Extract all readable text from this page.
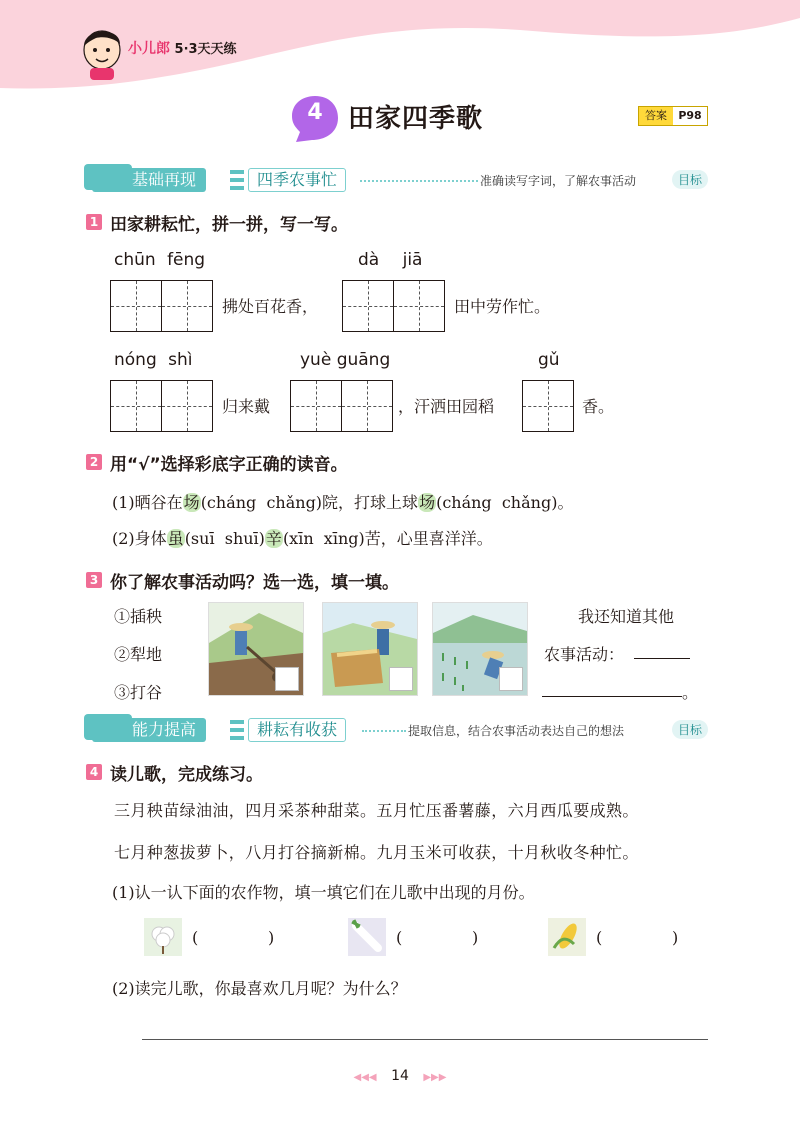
小儿郎 5·3天天练
4 田家四季歌	答案	P98
基础再现	四季农事忙	准确读写字词，了解农事活动	目标
1 田家耕耘忙，拼一拼，写一写。
chūn fēng
拂处百花香，
dà jiā
田中劳作忙。
nóng shì
归来戴
yuè guāng
，汗洒田园稻
gǔ
香。
2 用“√”选择彩底字正确的读音。
(1)晒谷在场(cháng  chǎng)院，打球上球场(cháng  chǎng)。
(2)身体虽(suī  shuī)辛(xīn  xīng)苦，心里喜洋洋。
3 你了解农事活动吗？选一选，填一填。
①插秧
②犁地
③打谷
我还知道其他
农事活动：
。
能力提高	耕耘有收获	提取信息，结合农事活动表达自己的想法	目标
4 读儿歌，完成练习。
三月秧苗绿油油，四月采茶种甜菜。五月忙压番薯藤，六月西瓜要成熟。
七月种葱拔萝卜，八月打谷摘新棉。九月玉米可收获，十月秋收冬种忙。
(1)认一认下面的农作物，填一填它们在儿歌中出现的月份。
(	)	(	)	(	)
(2)读完儿歌，你最喜欢几月呢？为什么？
◀◀◀ 14 ▶▶▶
